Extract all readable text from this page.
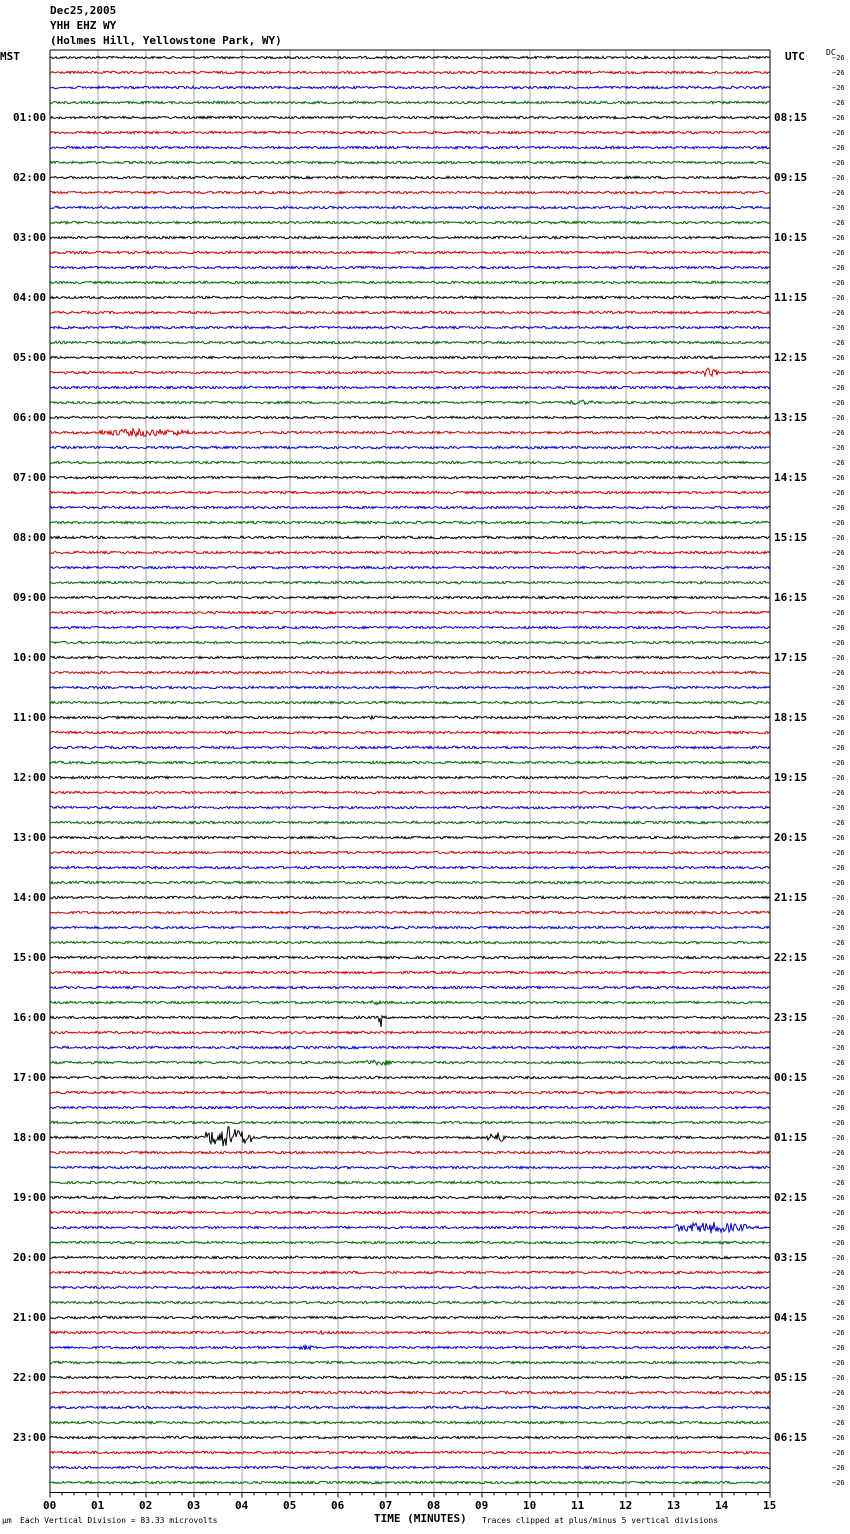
Dec25,2005
YHH EHZ WY
(Holmes Hill, Yellowstone Park, WY)
MST	UTC	DC
01:00
02:00
03:00
04:00
05:00
06:00
07:00
08:00
09:00
10:00
11:00
12:00
13:00
14:00
15:00
16:00
17:00
18:00
19:00
20:00
21:00
22:00
23:00
08:15
09:15
10:15
11:15
12:15
13:15
14:15
15:15
16:15
17:15
18:15
19:15
20:15
21:15
22:15
23:15
00:15
01:15
02:15
03:15
04:15
05:15
06:15
−26
−26
−26
−26
−26
−26
−26
−26
−26
−26
−26
−26
−26
−26
−26
−26
−26
−26
−26
−26
−26
−26
−26
−26
−26
−26
−26
−26
−26
−26
−26
−26
−26
−26
−26
−26
−26
−26
−26
−26
−26
−26
−26
−26
−26
−26
−26
−26
−26
−26
−26
−26
−26
−26
−26
−26
−26
−26
−26
−26
−26
−26
−26
−26
−26
−26
−26
−26
−26
−26
−26
−26
−26
−26
−26
−26
−26
−26
−26
−26
−26
−26
−26
−26
−26
−26
−26
−26
−26
−26
−26
−26
−26
−26
−26
−26
00	01	02	03	04	05	06	07	08	09	10	11	12	13	14	15
μm Each Vertical Division = 83.33 microvolts	TIME (MINUTES) Traces clipped at plus/minus 5 vertical divisions
